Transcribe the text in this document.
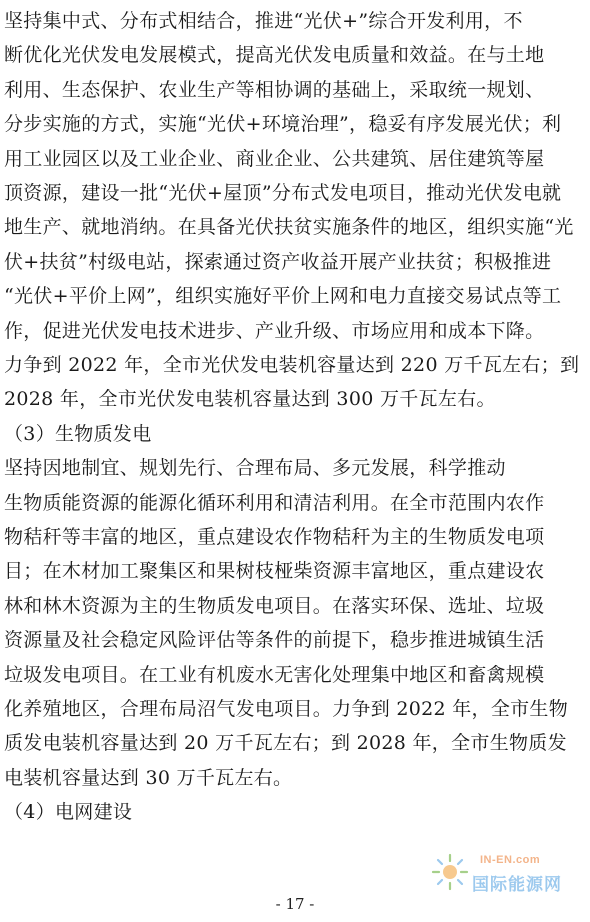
坚持集中式、分布式相结合，推进“光伏+”综合开发利用，不
断优化光伏发电发展模式，提高光伏发电质量和效益。在与土地
利用、生态保护、农业生产等相协调的基础上，采取统一规划、
分步实施的方式，实施“光伏+环境治理”，稳妥有序发展光伏；利
用工业园区以及工业企业、商业企业、公共建筑、居住建筑等屋
顶资源，建设一批“光伏+屋顶”分布式发电项目，推动光伏发电就
地生产、就地消纳。在具备光伏扶贫实施条件的地区，组织实施“光
伏+扶贫”村级电站，探索通过资产收益开展产业扶贫；积极推进
“光伏+平价上网”，组织实施好平价上网和电力直接交易试点等工
作，促进光伏发电技术进步、产业升级、市场应用和成本下降。
力争到 2022 年，全市光伏发电装机容量达到 220 万千瓦左右；到
2028 年，全市光伏发电装机容量达到 300 万千瓦左右。
（3）生物质发电
坚持因地制宜、规划先行、合理布局、多元发展，科学推动
生物质能资源的能源化循环利用和清洁利用。在全市范围内农作
物秸秆等丰富的地区，重点建设农作物秸秆为主的生物质发电项
目；在木材加工聚集区和果树枝桠柴资源丰富地区，重点建设农
林和林木资源为主的生物质发电项目。在落实环保、选址、垃圾
资源量及社会稳定风险评估等条件的前提下，稳步推进城镇生活
垃圾发电项目。在工业有机废水无害化处理集中地区和畜禽规模
化养殖地区，合理布局沼气发电项目。力争到 2022 年，全市生物
质发电装机容量达到 20 万千瓦左右；到 2028 年，全市生物质发
电装机容量达到 30 万千瓦左右。
（4）电网建设
IN-EN.com
国际能源网
- 17 -
